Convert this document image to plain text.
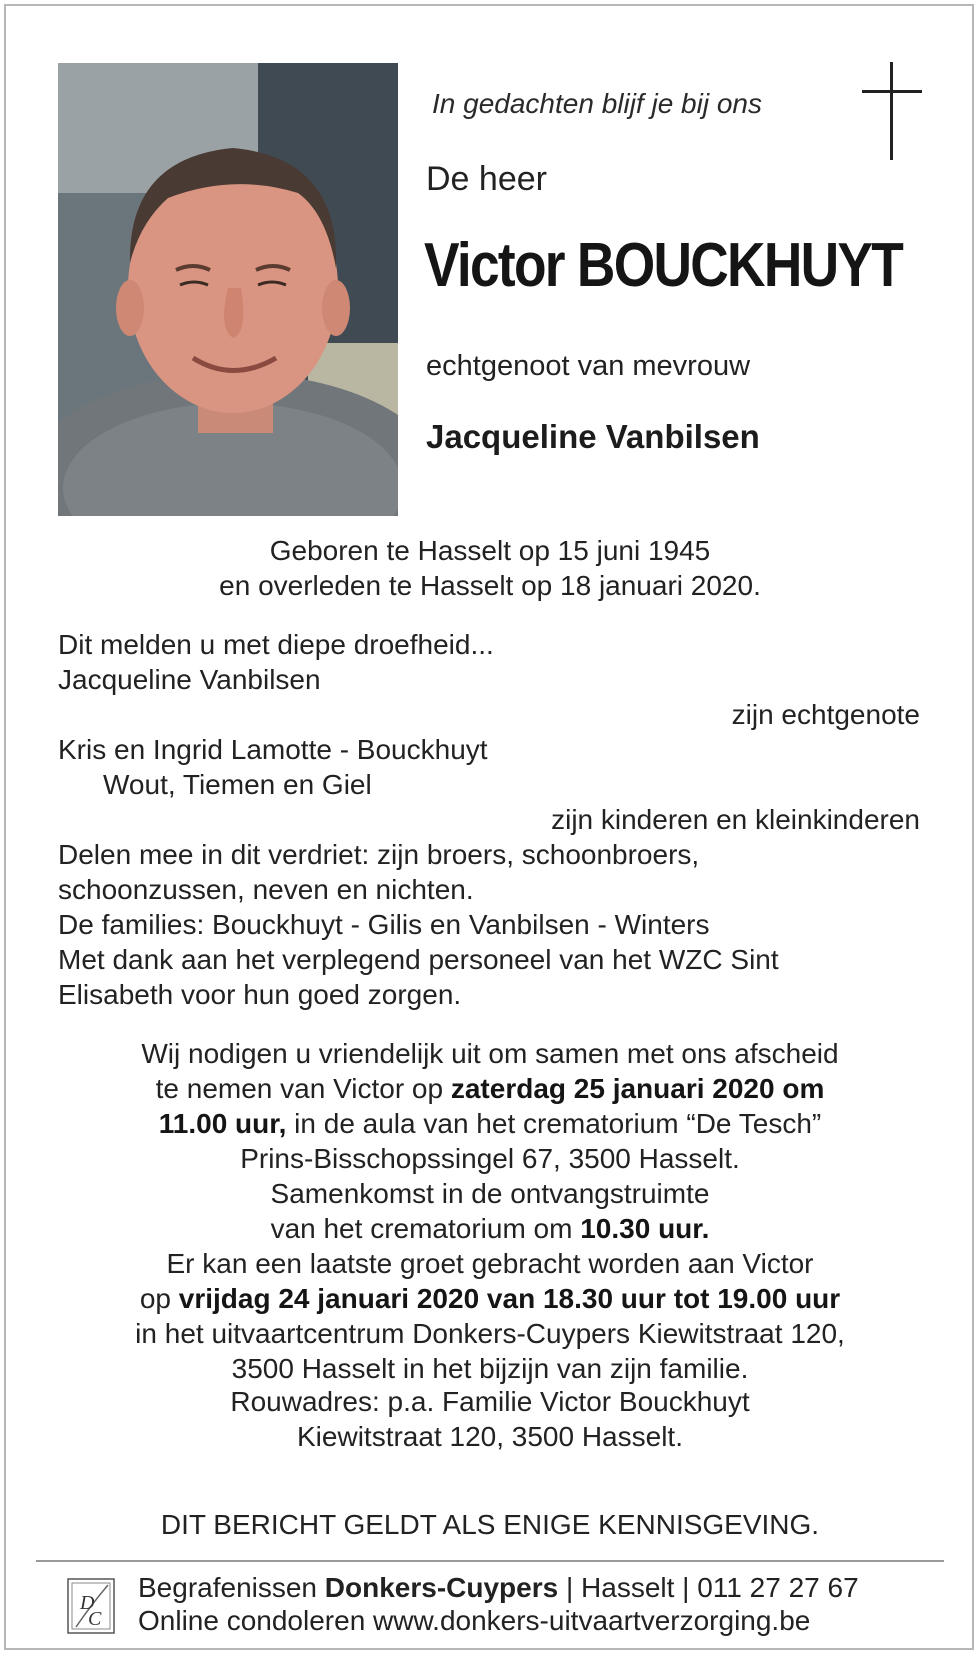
In gedachten blijf je bij ons
De heer
Victor BOUCKHUYT
echtgenoot van mevrouw
Jacqueline Vanbilsen
Geboren te Hasselt op 15 juni 1945
en overleden te Hasselt op 18 januari 2020.
Dit melden u met diepe droefheid...
Jacqueline Vanbilsen
zijn echtgenote
Kris en Ingrid Lamotte - Bouckhuyt
Wout, Tiemen en Giel
zijn kinderen en kleinkinderen
Delen mee in dit verdriet: zijn broers, schoonbroers,
schoonzussen, neven en nichten.
De families: Bouckhuyt - Gilis en Vanbilsen - Winters
Met dank aan het verplegend personeel van het WZC Sint
Elisabeth voor hun goed zorgen.
Wij nodigen u vriendelijk uit om samen met ons afscheid
te nemen van Victor op zaterdag 25 januari 2020 om
11.00 uur, in de aula van het crematorium “De Tesch”
Prins-Bisschopssingel 67, 3500 Hasselt.
Samenkomst in de ontvangstruimte
van het crematorium om 10.30 uur.
Er kan een laatste groet gebracht worden aan Victor
op vrijdag 24 januari 2020 van 18.30 uur tot 19.00 uur
in het uitvaartcentrum Donkers-Cuypers Kiewitstraat 120,
3500 Hasselt in het bijzijn van zijn familie.
Rouwadres: p.a. Familie Victor Bouckhuyt
Kiewitstraat 120, 3500 Hasselt.
DIT BERICHT GELDT ALS ENIGE KENNISGEVING.
D
C
Begrafenissen Donkers-Cuypers | Hasselt | 011 27 27 67
Online condoleren www.donkers-uitvaartverzorging.be
